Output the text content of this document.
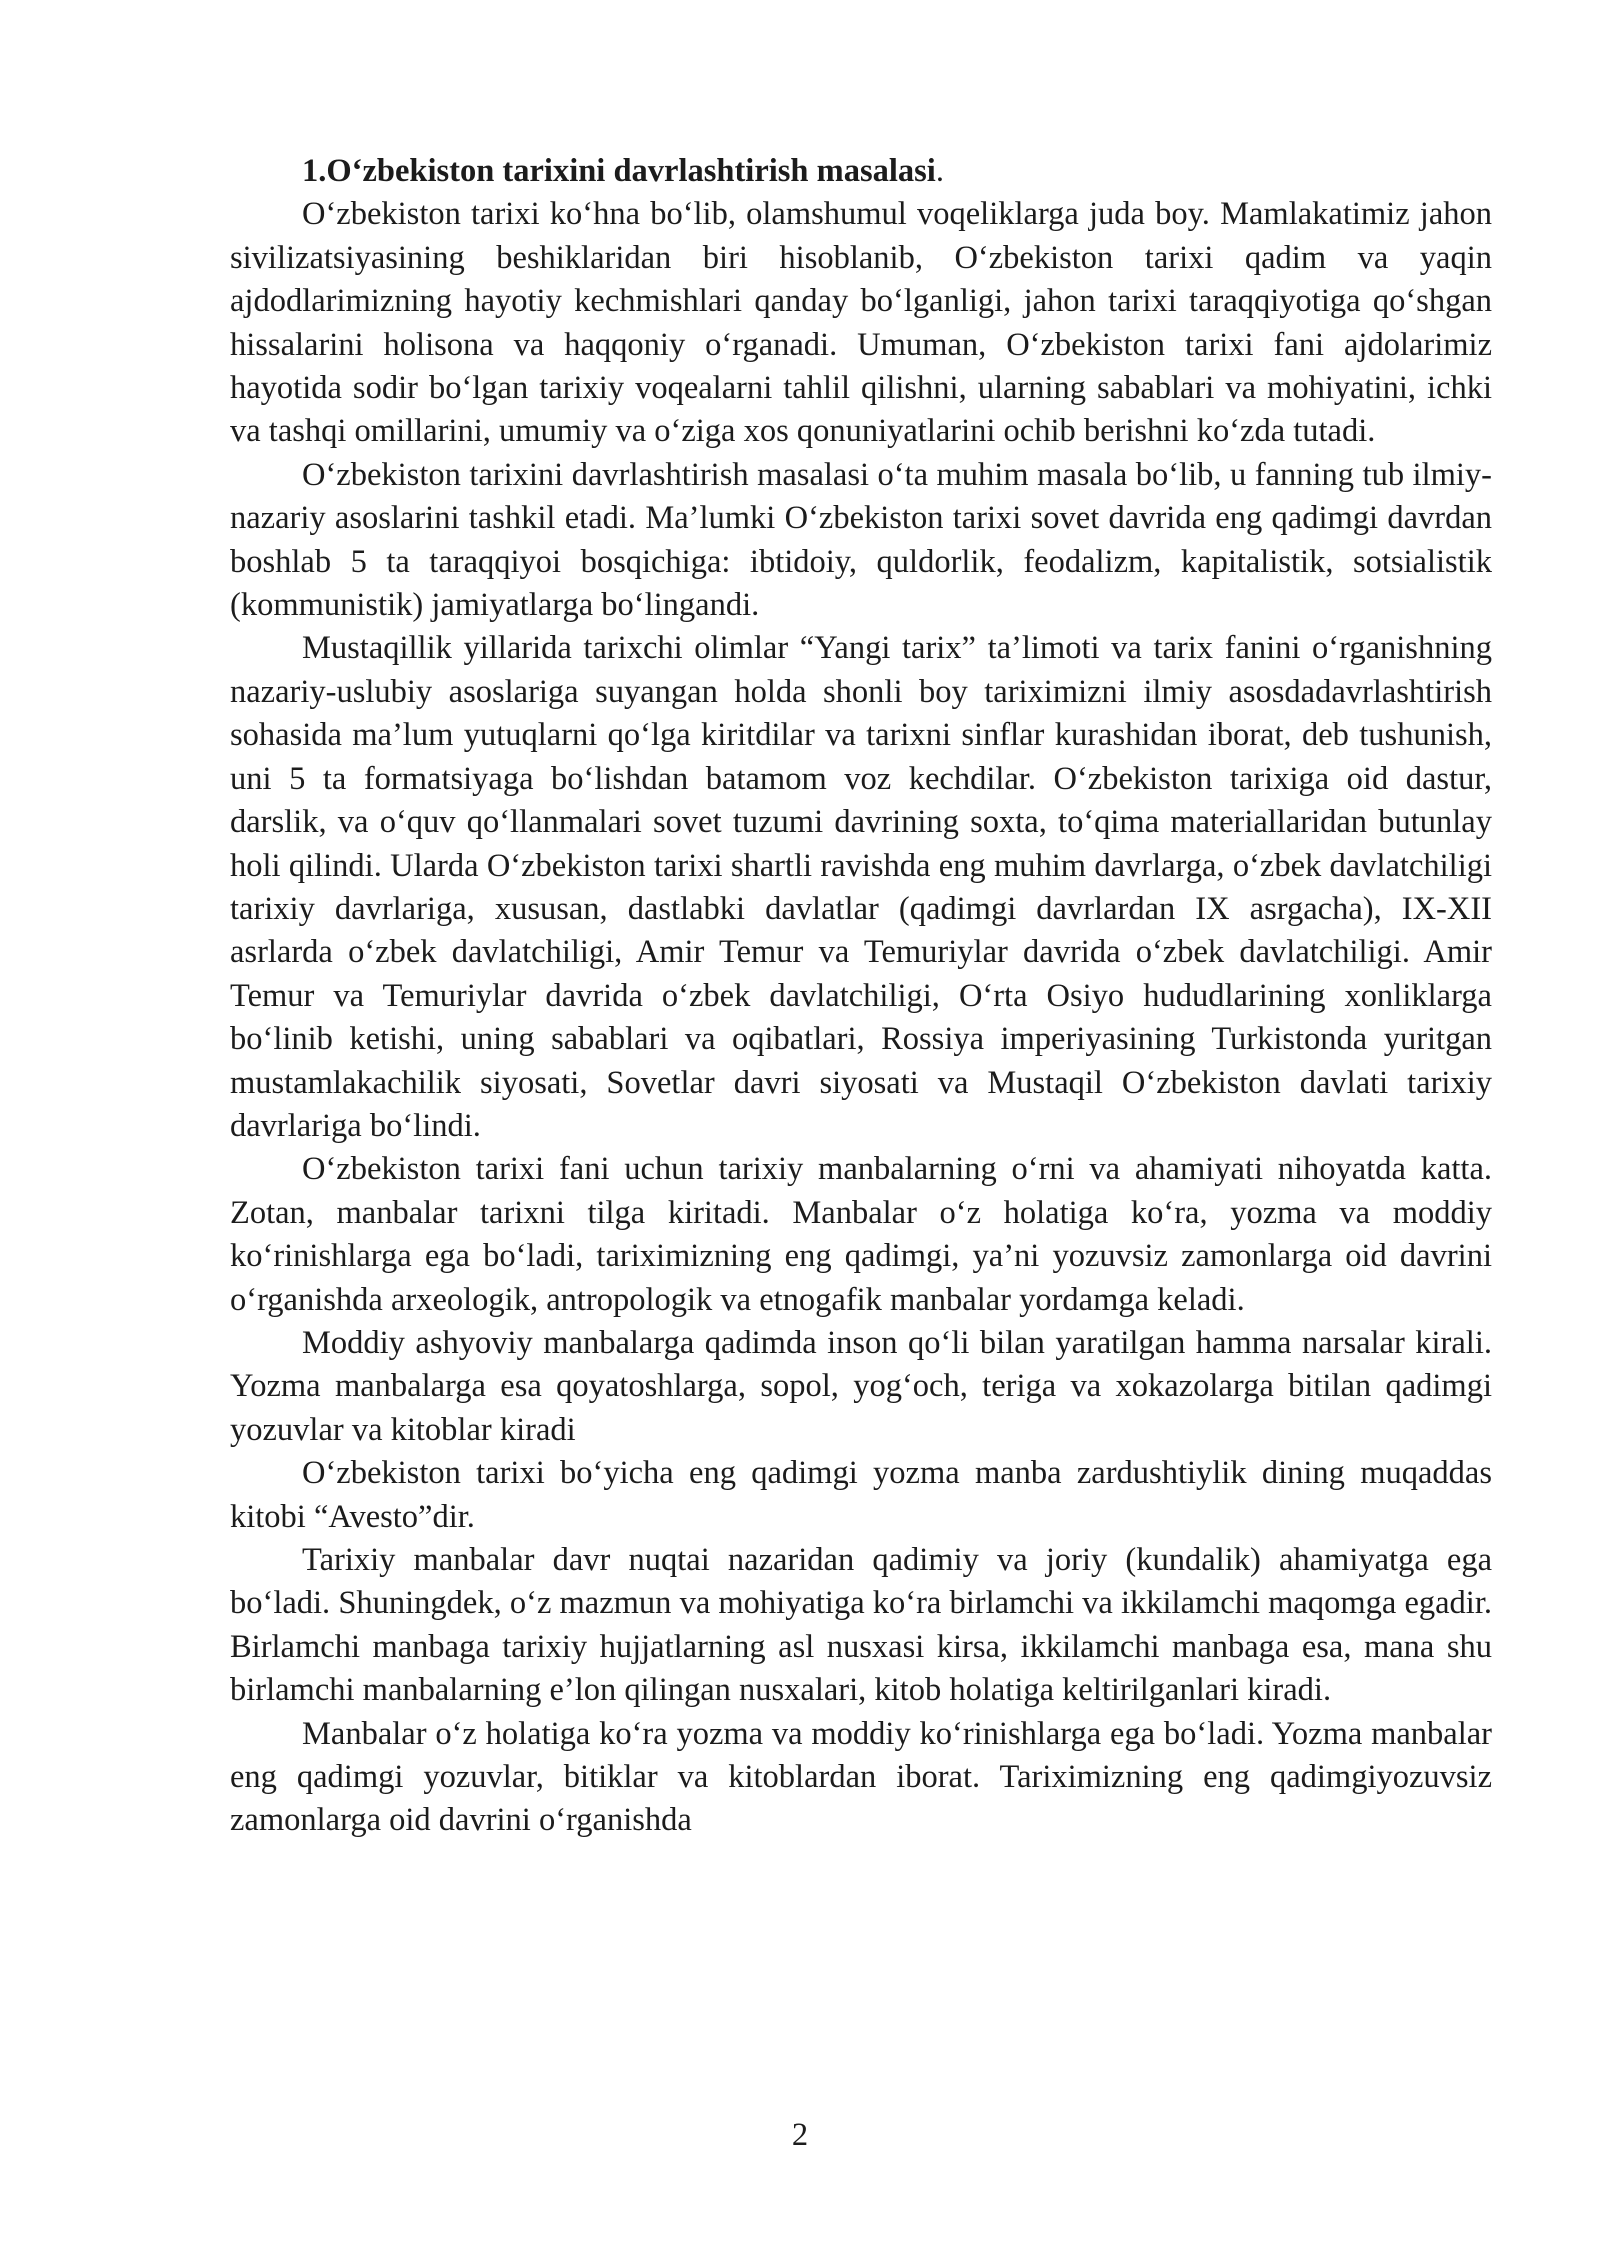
1.O‘zbekiston tarixini davrlashtirish masalasi.

O‘zbekiston tarixi ko‘hna bo‘lib, olamshumul voqeliklarga juda boy. Mamlakatimiz jahon sivilizatsiyasining beshiklaridan biri hisoblanib, O‘zbekiston tarixi qadim va yaqin ajdodlarimizning hayotiy kechmishlari qanday bo‘lganligi, jahon tarixi taraqqiyotiga qo‘shgan hissalarini holisona va haqqoniy o‘rganadi. Umuman, O‘zbekiston tarixi fani ajdolarimiz hayotida sodir bo‘lgan tarixiy voqealarni tahlil qilishni, ularning sabablari va mohiyatini, ichki va tashqi omillarini, umumiy va o‘ziga xos qonuniyatlarini ochib berishni ko‘zda tutadi.

O‘zbekiston tarixini davrlashtirish masalasi o‘ta muhim masala bo‘lib, u fanning tub ilmiy-nazariy asoslarini tashkil etadi. Ma’lumki O‘zbekiston tarixi sovet davrida eng qadimgi davrdan boshlab 5 ta taraqqiyoi bosqichiga: ibtidoiy, quldorlik, feodalizm, kapitalistik, sotsialistik (kommunistik) jamiyatlarga bo‘lingandi.

Mustaqillik yillarida tarixchi olimlar “Yangi tarix” ta’limoti va tarix fanini o‘rganishning nazariy-uslubiy asoslariga suyangan holda shonli boy tariximizni ilmiy asosdadavrlashtirish sohasida ma’lum yutuqlarni qo‘lga kiritdilar va tarixni sinflar kurashidan iborat, deb tushunish, uni 5 ta formatsiyaga bo‘lishdan batamom voz kechdilar. O‘zbekiston tarixiga oid dastur, darslik, va o‘quv qo‘llanmalari sovet tuzumi davrining soxta, to‘qima materiallaridan butunlay holi qilindi. Ularda O‘zbekiston tarixi shartli ravishda eng muhim davrlarga, o‘zbek davlatchiligi tarixiy davrlariga, xususan, dastlabki davlatlar (qadimgi davrlardan IX asrgacha), IX-XII asrlarda o‘zbek davlatchiligi, Amir Temur va Temuriylar davrida o‘zbek davlatchiligi. Amir Temur va Temuriylar davrida o‘zbek davlatchiligi, O‘rta Osiyo hududlarining xonliklarga bo‘linib ketishi, uning sabablari va oqibatlari, Rossiya imperiyasining Turkistonda yuritgan mustamlakachilik siyosati, Sovetlar davri siyosati va Mustaqil O‘zbekiston davlati tarixiy davrlariga bo‘lindi.

O‘zbekiston tarixi fani uchun tarixiy manbalarning o‘rni va ahamiyati nihoyatda katta. Zotan, manbalar tarixni tilga kiritadi. Manbalar o‘z holatiga ko‘ra, yozma va moddiy ko‘rinishlarga ega bo‘ladi, tariximizning eng qadimgi, ya’ni yozuvsiz zamonlarga oid davrini o‘rganishda arxeologik, antropologik va etnogafik manbalar yordamga keladi.

Moddiy ashyoviy manbalarga qadimda inson qo‘li bilan yaratilgan hamma narsalar kirali. Yozma manbalarga esa qoyatoshlarga, sopol, yog‘och, teriga va xokazolarga bitilan qadimgi yozuvlar va kitoblar kiradi

O‘zbekiston tarixi bo‘yicha eng qadimgi yozma manba zardushtiylik dining muqaddas kitobi “Avesto”dir.

Tarixiy manbalar davr nuqtai nazaridan qadimiy va joriy (kundalik) ahamiyatga ega bo‘ladi. Shuningdek, o‘z mazmun va mohiyatiga ko‘ra birlamchi va ikkilamchi maqomga egadir. Birlamchi manbaga tarixiy hujjatlarning asl nusxasi kirsa, ikkilamchi manbaga esa, mana shu birlamchi manbalarning e’lon qilingan nusxalari, kitob holatiga keltirilganlari kiradi.

Manbalar o‘z holatiga ko‘ra yozma va moddiy ko‘rinishlarga ega bo‘ladi. Yozma manbalar eng qadimgi yozuvlar, bitiklar va kitoblardan iborat. Tariximizning eng qadimgiyozuvsiz zamonlarga oid davrini o‘rganishda

2
